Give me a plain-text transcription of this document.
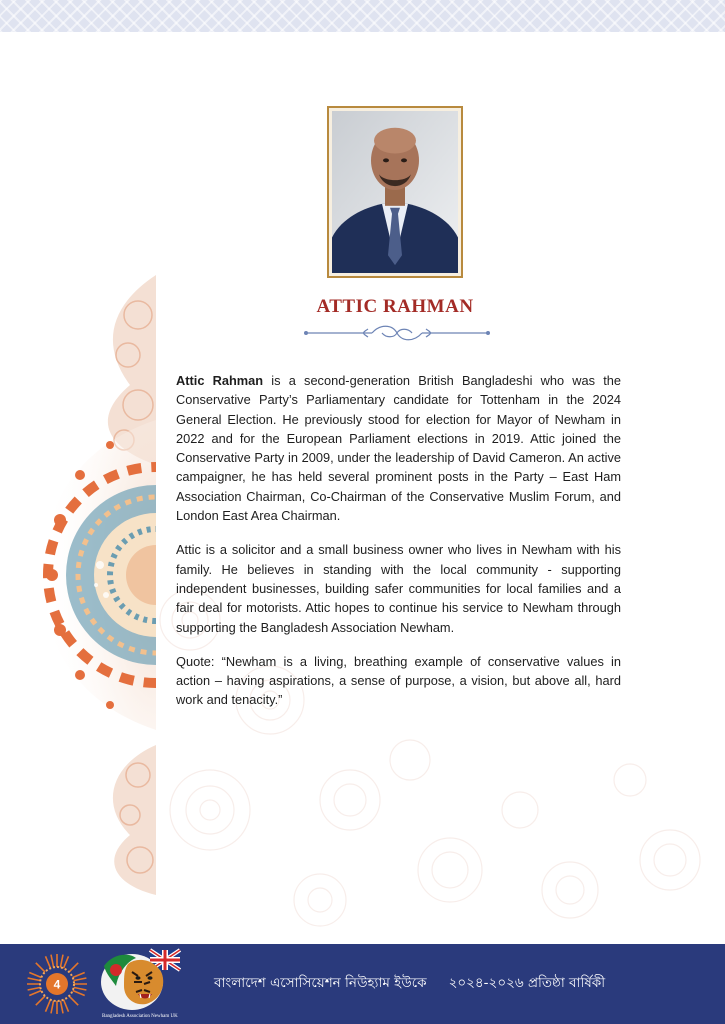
ATTIC RAHMAN

Attic Rahman is a second-generation British Bangladeshi who was the Conservative Party’s Parliamentary candidate for Tottenham in the 2024 General Election. He previously stood for election for Mayor of Newham in 2022 and for the European Parliament elections in 2019. Attic joined the Conservative Party in 2009, under the leadership of David Cameron. An active campaigner, he has held several prominent posts in the Party – East Ham Association Chairman, Co-Chairman of the Conservative Muslim Forum, and London East Area Chairman.

Attic is a solicitor and a small business owner who lives in Newham with his family. He believes in standing with the local community - supporting independent businesses, building safer communities for local families and a fair deal for motorists. Attic hopes to continue his service to Newham through supporting the Bangladesh Association Newham.

Quote: “Newham is a living, breathing example of conservative values in action – having aspirations, a sense of purpose, a vision, but above all, hard work and tenacity.”

4
Bangladesh Association Newham UK
বাংলাদেশ এসোসিয়েশন নিউহ্যাম ইউকে ২০২৪-২০২৬ প্রতিষ্ঠা বার্ষিকী
